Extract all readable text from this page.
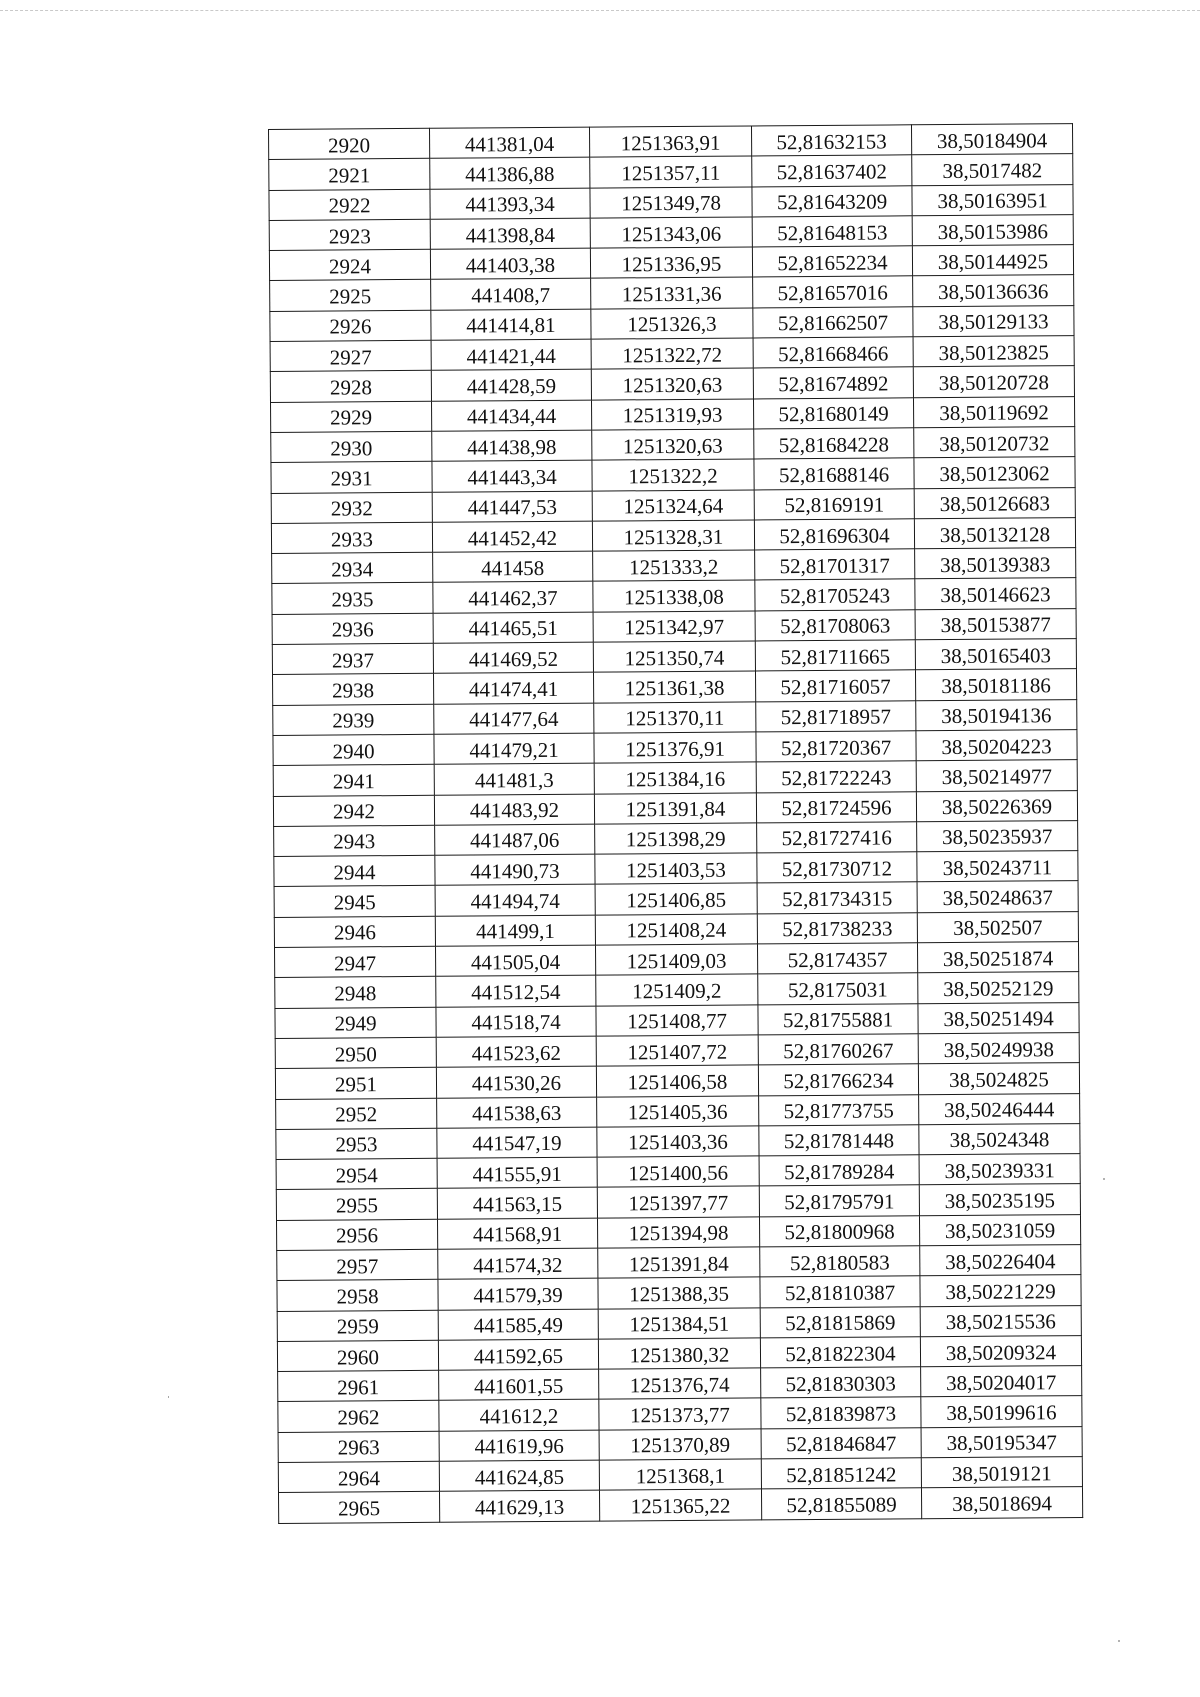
2920	441381,04	1251363,91	52,81632153	38,50184904
2921	441386,88	1251357,11	52,81637402	38,5017482
2922	441393,34	1251349,78	52,81643209	38,50163951
2923	441398,84	1251343,06	52,81648153	38,50153986
2924	441403,38	1251336,95	52,81652234	38,50144925
2925	441408,7	1251331,36	52,81657016	38,50136636
2926	441414,81	1251326,3	52,81662507	38,50129133
2927	441421,44	1251322,72	52,81668466	38,50123825
2928	441428,59	1251320,63	52,81674892	38,50120728
2929	441434,44	1251319,93	52,81680149	38,50119692
2930	441438,98	1251320,63	52,81684228	38,50120732
2931	441443,34	1251322,2	52,81688146	38,50123062
2932	441447,53	1251324,64	52,8169191	38,50126683
2933	441452,42	1251328,31	52,81696304	38,50132128
2934	441458	1251333,2	52,81701317	38,50139383
2935	441462,37	1251338,08	52,81705243	38,50146623
2936	441465,51	1251342,97	52,81708063	38,50153877
2937	441469,52	1251350,74	52,81711665	38,50165403
2938	441474,41	1251361,38	52,81716057	38,50181186
2939	441477,64	1251370,11	52,81718957	38,50194136
2940	441479,21	1251376,91	52,81720367	38,50204223
2941	441481,3	1251384,16	52,81722243	38,50214977
2942	441483,92	1251391,84	52,81724596	38,50226369
2943	441487,06	1251398,29	52,81727416	38,50235937
2944	441490,73	1251403,53	52,81730712	38,50243711
2945	441494,74	1251406,85	52,81734315	38,50248637
2946	441499,1	1251408,24	52,81738233	38,502507
2947	441505,04	1251409,03	52,8174357	38,50251874
2948	441512,54	1251409,2	52,8175031	38,50252129
2949	441518,74	1251408,77	52,81755881	38,50251494
2950	441523,62	1251407,72	52,81760267	38,50249938
2951	441530,26	1251406,58	52,81766234	38,5024825
2952	441538,63	1251405,36	52,81773755	38,50246444
2953	441547,19	1251403,36	52,81781448	38,5024348
2954	441555,91	1251400,56	52,81789284	38,50239331
2955	441563,15	1251397,77	52,81795791	38,50235195
2956	441568,91	1251394,98	52,81800968	38,50231059
2957	441574,32	1251391,84	52,8180583	38,50226404
2958	441579,39	1251388,35	52,81810387	38,50221229
2959	441585,49	1251384,51	52,81815869	38,50215536
2960	441592,65	1251380,32	52,81822304	38,50209324
2961	441601,55	1251376,74	52,81830303	38,50204017
2962	441612,2	1251373,77	52,81839873	38,50199616
2963	441619,96	1251370,89	52,81846847	38,50195347
2964	441624,85	1251368,1	52,81851242	38,5019121
2965	441629,13	1251365,22	52,81855089	38,5018694
